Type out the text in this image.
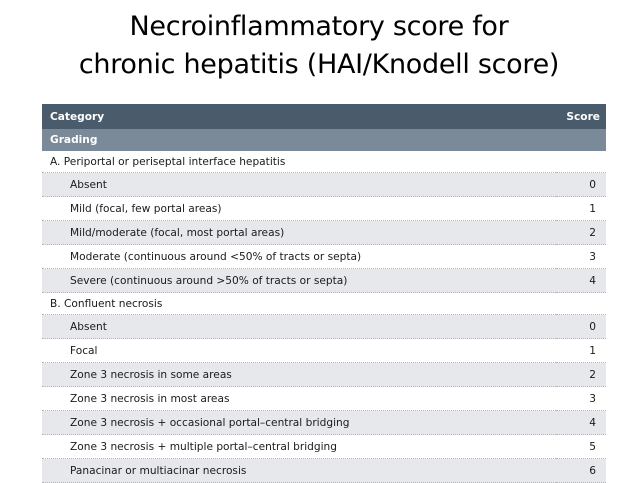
Necroinflammatory score for
chronic hepatitis (HAI/Knodell score)
Category	Score
Grading	
A. Periportal or periseptal interface hepatitis	
Absent	0
Mild (focal, few portal areas)	1
Mild/moderate (focal, most portal areas)	2
Moderate (continuous around <50% of tracts or septa)	3
Severe (continuous around >50% of tracts or septa)	4
B. Confluent necrosis	
Absent	0
Focal	1
Zone 3 necrosis in some areas	2
Zone 3 necrosis in most areas	3
Zone 3 necrosis + occasional portal–central bridging	4
Zone 3 necrosis + multiple portal–central bridging	5
Panacinar or multiacinar necrosis	6
